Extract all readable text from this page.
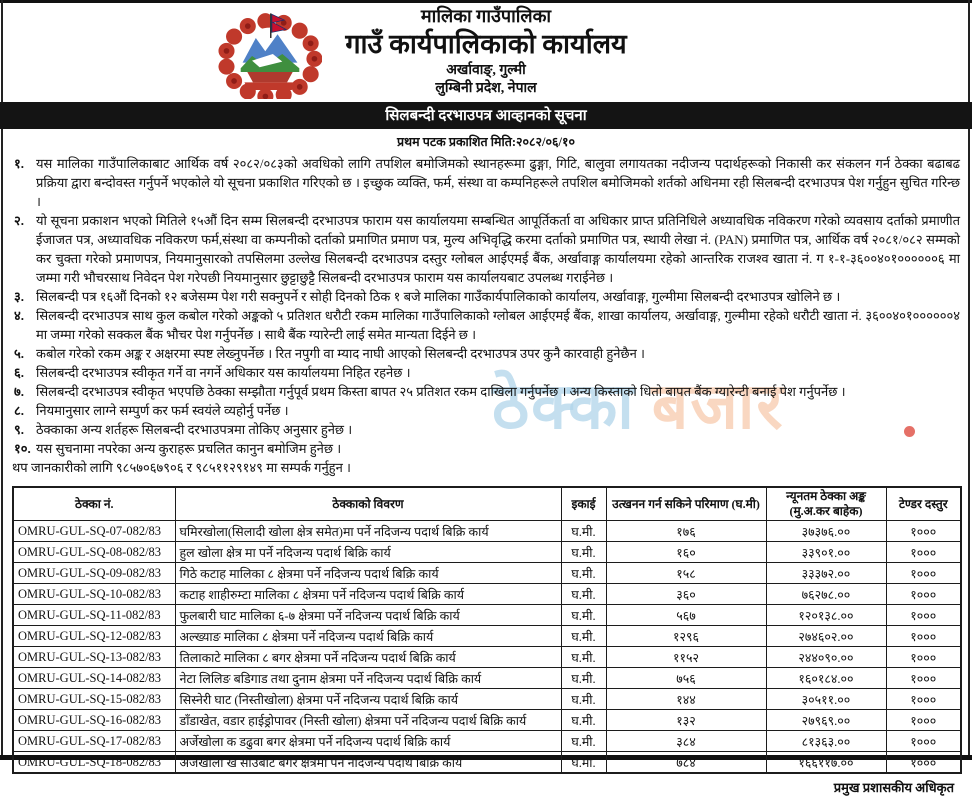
ठेक्का बजार
मालिका गाउँपालिका
गाउँ कार्यपालिकाको कार्यालय
अर्खावाङ्, गुल्मी
लुम्बिनी प्रदेश, नेपाल
सिलबन्दी दरभाउपत्र आव्हानको सूचना
प्रथम पटक प्रकाशित मिति:२०८२/०६/१०
१. यस मालिका गाउँपालिकाबाट आर्थिक वर्ष २०८२/०८३को अवधिको लागि तपशिल बमोजिमको स्थानहरूमा ढुङ्गा, गिटि, बालुवा लगायतका नदीजन्य पदार्थहरूको निकासी कर संकलन गर्न ठेक्का बढाबढ प्रक्रिया द्वारा बन्दोवस्त गर्नुपर्ने भएकोले यो सूचना प्रकाशित गरिएको छ । इच्छुक व्यक्ति, फर्म, संस्था वा कम्पनिहरूले तपशिल बमोजिमको शर्तको अधिनमा रही सिलबन्दी दरभाउपत्र पेश गर्नुहुन सुचित गरिन्छ ।
२. यो सूचना प्रकाशन भएको मितिले १५औं दिन सम्म सिलबन्दी दरभाउपत्र फाराम यस कार्यालयमा सम्बन्धित आपूर्तिकर्ता वा अधिकार प्राप्त प्रतिनिधिले अध्यावधिक नविकरण गरेको व्यवसाय दर्ताको प्रमाणीत ईजाजत पत्र, अध्यावधिक नविकरण फर्म,संस्था वा कम्पनीको दर्ताको प्रमाणित प्रमाण पत्र, मुल्य अभिवृद्धि करमा दर्ताको प्रमाणित पत्र, स्थायी लेखा नं. (PAN) प्रमाणित पत्र, आर्थिक वर्ष २०८१/०८२ सम्मको कर चुक्ता गरेको प्रमाणपत्र, नियमानुसारको तपसिलमा उल्लेख सिलबन्दी दरभाउपत्र दस्तुर ग्लोबल आईएमई बैंक, अर्खावाङ्ग कार्यालयमा रहेको आन्तरिक राजश्व खाता नं. ग १-१-३६००४०१००००००६ मा जम्मा गरी भौचरसाथ निवेदन पेश गरेपछी नियमानुसार छुट्टाछुट्टै सिलबन्दी दरभाउपत्र फाराम यस कार्यालयबाट उपलब्ध गराईनेछ ।
३. सिलबन्दी पत्र १६औं दिनको १२ बजेसम्म पेश गरी सक्नुपर्ने र सोही दिनको ठिक १ बजे मालिका गाउँकार्यपालिकाको कार्यालय, अर्खावाङ्ग, गुल्मीमा सिलबन्दी दरभाउपत्र खोलिने छ ।
४. सिलबन्दी दरभाउपत्र साथ कुल कबोल गरेको अङ्कको ५ प्रतिशत धरौटी रकम मालिका गाउँपालिकाको ग्लोबल आईएमई बैंक, शाखा कार्यालय, अर्खावाङ्ग, गुल्मीमा रहेको धरौटी खाता नं. ३६००४०१००००००४ मा जम्मा गरेको सक्कल बैंक भौचर पेश गर्नुपर्नेछ । साथै बैंक ग्यारेन्टी लाई समेत मान्यता दिईने छ ।
५. कबोल गरेको रकम अङ्क र अक्षरमा स्पष्ट लेख्नुपर्नेछ । रित नपुगी वा म्याद नाघी आएको सिलबन्दी दरभाउपत्र उपर कुनै कारवाही हुनेछैन ।
६. सिलबन्दी दरभाउपत्र स्वीकृत गर्ने वा नगर्ने अधिकार यस कार्यालयमा निहित रहनेछ ।
७. सिलबन्दी दरभाउपत्र स्वीकृत भएपछि ठेक्का सम्झौता गर्नुपूर्व प्रथम किस्ता बापत २५ प्रतिशत रकम दाखिला गर्नुपर्नेछ । अन्य किस्ताको धितो बापत बैंक ग्यारेन्टी बनाई पेश गर्नुपर्नेछ ।
८. नियमानुसार लाग्ने सम्पुर्ण कर फर्म स्वयंले व्यहोर्नु पर्नेछ ।
९. ठेक्काका अन्य शर्तहरू सिलबन्दी दरभाउपत्रमा तोकिए अनुसार हुनेछ ।
१०. यस सुचनामा नपरेका अन्य कुराहरू प्रचलित कानुन बमोजिम हुनेछ ।
थप जानकारीको लागि ९८५७०६७९०६ र ९८५११२९१४९ मा सम्पर्क गर्नुहुन ।
ठेक्का नं.	ठेक्काको विवरण	इकाई	उत्खनन गर्न सकिने परिमाण (घ.मी)	न्यूनतम ठेक्का अङ्क (मु.अ.कर बाहेक)	टेण्डर दस्तुर
OMRU-GUL-SQ-07-082/83	घमिरखोला(सिलादी खोला क्षेत्र समेत)मा पर्ने नदिजन्य पदार्थ बिक्रि कार्य	घ.मी.	१७६	३७३७६.००	१०००
OMRU-GUL-SQ-08-082/83	हुल खोला क्षेत्र मा पर्ने नदिजन्य पदार्थ बिक्रि कार्य	घ.मी.	१६०	३३९०१.००	१०००
OMRU-GUL-SQ-09-082/83	गिठे कटाह मालिका ८ क्षेत्रमा पर्ने नदिजन्य पदार्थ बिक्रि कार्य	घ.मी.	१५८	३३३७२.००	१०००
OMRU-GUL-SQ-10-082/83	कटाह शाहीरुम्टा मालिका ८ क्षेत्रमा पर्ने नदिजन्य पदार्थ बिक्रि कार्य	घ.मी.	३६०	७६२७८.००	१०००
OMRU-GUL-SQ-11-082/83	फुलबारी घाट मालिका ६-७ क्षेत्रमा पर्ने नदिजन्य पदार्थ बिक्रि कार्य	घ.मी.	५६७	१२०१३८.००	१०००
OMRU-GUL-SQ-12-082/83	अल्ख्याङ मालिका ८ क्षेत्रमा पर्ने नदिजन्य पदार्थ बिक्रि कार्य	घ.मी.	१२९६	२७४६०२.००	१०००
OMRU-GUL-SQ-13-082/83	तिलाकाटे मालिका ८ बगर क्षेत्रमा पर्ने नदिजन्य पदार्थ बिक्रि कार्य	घ.मी.	११५२	२४४०९०.००	१०००
OMRU-GUL-SQ-14-082/83	नेटा लिलिङ बडिगाड तथा दुनाम क्षेत्रमा पर्ने नदिजन्य पदार्थ बिक्रि कार्य	घ.मी.	७५६	१६०१८४.००	१०००
OMRU-GUL-SQ-15-082/83	सिस्नेरी घाट (निस्तीखोला) क्षेत्रमा पर्ने नदिजन्य पदार्थ बिक्रि कार्य	घ.मी.	१४४	३०५११.००	१०००
OMRU-GUL-SQ-16-082/83	डाँडाखेत, वडार हाईड्रोपावर (निस्ती खोला) क्षेत्रमा पर्ने नदिजन्य पदार्थ बिक्रि कार्य	घ.मी.	१३२	२७९६९.००	१०००
OMRU-GUL-SQ-17-082/83	अर्जेखोला क डढुवा बगर क्षेत्रमा पर्ने नदिजन्य पदार्थ बिक्रि कार्य	घ.मी.	३८४	८१३६३.००	१०००
OMRU-GUL-SQ-18-082/83	अर्जेखोला ख साउबोट बगर क्षेत्रमा पर्ने नदिजन्य पदार्थ बिक्रि कार्य	घ.मी.	७८४	१६६११७.००	१०००
प्रमुख प्रशासकीय अधिकृत
